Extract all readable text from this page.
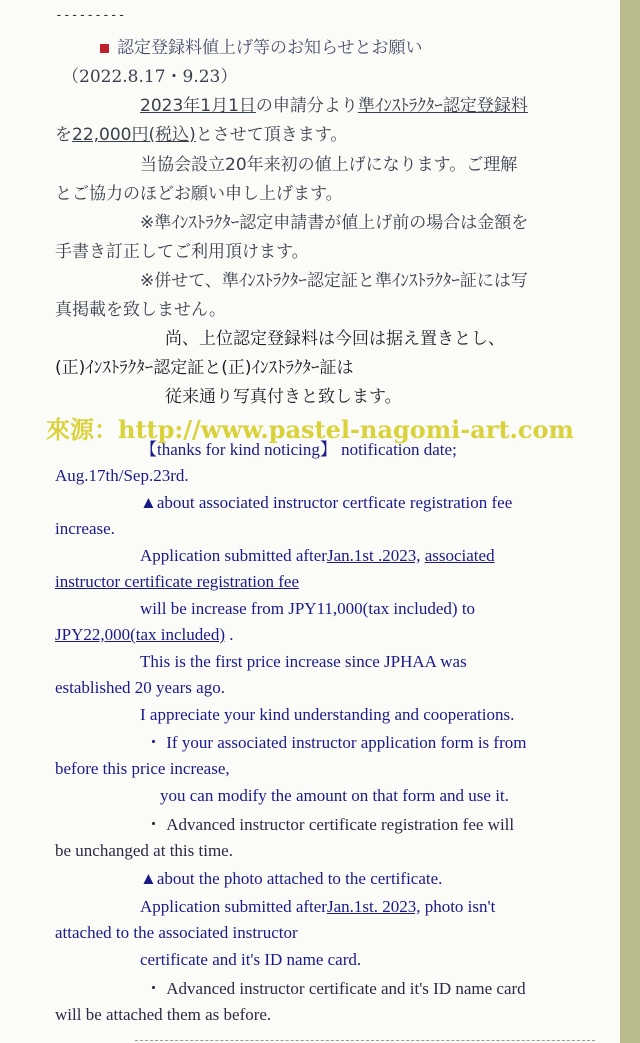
---------
認定登録料値上げ等のお知らせとお願い
（2022.8.17・9.23）
2023年1月1日の申請分より準ｲﾝｽﾄﾗｸﾀｰ認定登録料
を22,000円(税込)とさせて頂きます。
当協会設立20年来初の値上げになります。ご理解
とご協力のほどお願い申し上げます。
※準ｲﾝｽﾄﾗｸﾀｰ認定申請書が値上げ前の場合は金額を
手書き訂正してご利用頂けます。
※併せて、準ｲﾝｽﾄﾗｸﾀｰ認定証と準ｲﾝｽﾄﾗｸﾀｰ証には写
真掲載を致しません。
尚、上位認定登録料は今回は据え置きとし、
(正)ｲﾝｽﾄﾗｸﾀｰ認定証と(正)ｲﾝｽﾄﾗｸﾀｰ証は
従来通り写真付きと致します。
來源：http://www.pastel-nagomi-art.com
【thanks for kind noticing】 notification date;
Aug.17th/Sep.23rd.
▲about associated instructor certficate registration fee
increase.
Application submitted afterJan.1st .2023, associated
instructor certificate registration fee
will be increase from JPY11,000(tax included) to
JPY22,000(tax included) .
This is the first price increase since JPHAA was
established 20 years ago.
I appreciate your kind understanding and cooperations.
・ If your associated instructor application form is from
before this price increase,
you can modify the amount on that form and use it.
・ Advanced instructor certificate registration fee will
be unchanged at this time.
▲about the photo attached to the certificate.
Application submitted afterJan.1st. 2023, photo isn't
attached to the associated instructor
certificate and it's ID name card.
・ Advanced instructor certificate and it's ID name card
will be attached them as before.
